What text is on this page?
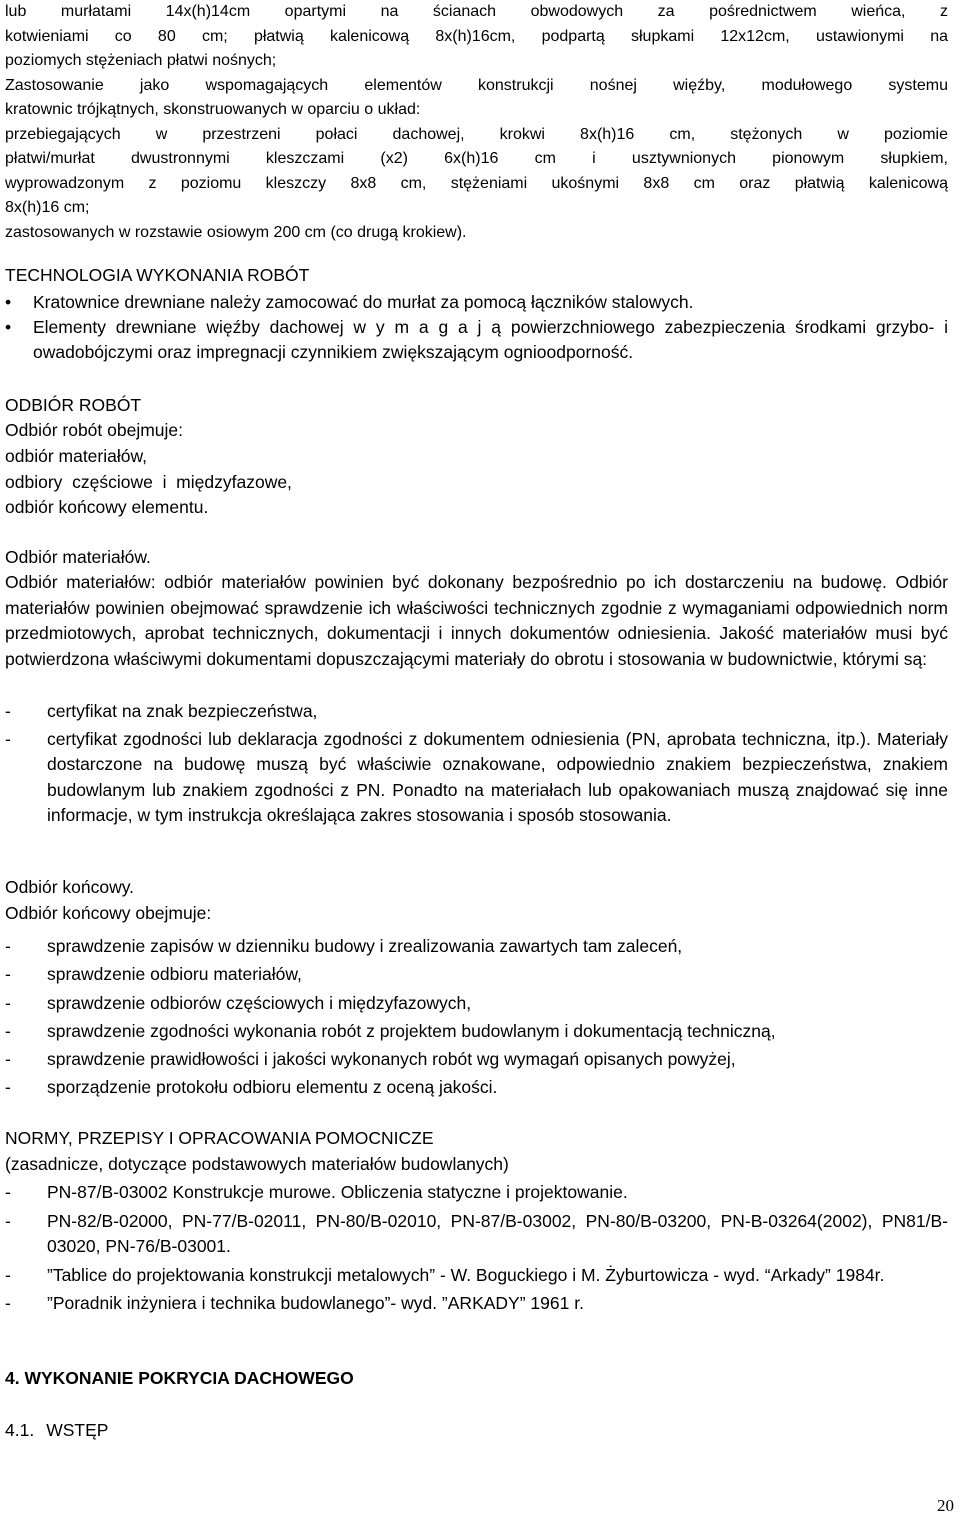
lub murłatami 14x(h)14cm opartymi na ścianach obwodowych za pośrednictwem wieńca, z
kotwieniami co 80 cm; płatwią kalenicową 8x(h)16cm, podpartą słupkami 12x12cm, ustawionymi na
poziomych stężeniach płatwi nośnych;
Zastosowanie jako wspomagających elementów konstrukcji nośnej więźby, modułowego systemu
kratownic trójkątnych, skonstruowanych w oparciu o układ:
przebiegających w przestrzeni połaci dachowej, krokwi 8x(h)16 cm, stężonych w poziomie
płatwi/murłat dwustronnymi kleszczami (x2) 6x(h)16 cm i usztywnionych pionowym słupkiem,
wyprowadzonym z poziomu kleszczy 8x8 cm, stężeniami ukośnymi 8x8 cm oraz płatwią kalenicową
8x(h)16 cm;
zastosowanych w rozstawie osiowym 200 cm (co drugą krokiew).
TECHNOLOGIA WYKONANIA ROBÓT
• Kratownice drewniane należy zamocować do murłat za pomocą łączników stalowych.
• Elementy drewniane więźby dachowej w y m a g a j ą powierzchniowego zabezpieczenia środkami grzybo- i owadobójczymi oraz impregnacji czynnikiem zwiększającym ognioodporność.
ODBIÓR ROBÓT
Odbiór robót obejmuje:
odbiór materiałów,
odbiory  częściowe  i  międzyfazowe,
odbiór końcowy elementu.
Odbiór materiałów.
Odbiór materiałów: odbiór materiałów powinien być dokonany bezpośrednio po ich dostarczeniu na budowę. Odbiór materiałów powinien obejmować sprawdzenie ich właściwości technicznych zgodnie z wymaganiami odpowiednich norm przedmiotowych, aprobat technicznych, dokumentacji i innych dokumentów odniesienia. Jakość materiałów musi być potwierdzona właściwymi dokumentami dopuszczającymi materiały do obrotu i stosowania w budownictwie, którymi są:
- certyfikat na znak bezpieczeństwa,
- certyfikat zgodności lub deklaracja zgodności z dokumentem odniesienia (PN, aprobata techniczna, itp.). Materiały dostarczone na budowę muszą być właściwie oznakowane, odpowiednio znakiem bezpieczeństwa, znakiem budowlanym lub znakiem zgodności z PN. Ponadto na materiałach lub opakowaniach muszą znajdować się inne informacje, w tym instrukcja określająca zakres stosowania i sposób stosowania.
Odbiór końcowy.
Odbiór końcowy obejmuje:
- sprawdzenie zapisów w dzienniku budowy i zrealizowania zawartych tam zaleceń,
- sprawdzenie odbioru materiałów,
- sprawdzenie odbiorów częściowych i międzyfazowych,
- sprawdzenie zgodności wykonania robót z projektem budowlanym i dokumentacją techniczną,
- sprawdzenie prawidłowości i jakości wykonanych robót wg wymagań opisanych powyżej,
- sporządzenie protokołu odbioru elementu z oceną jakości.
NORMY, PRZEPISY I OPRACOWANIA POMOCNICZE
(zasadnicze, dotyczące podstawowych materiałów budowlanych)
- PN-87/B-03002 Konstrukcje murowe. Obliczenia statyczne i projektowanie.
- PN-82/B-02000, PN-77/B-02011, PN-80/B-02010, PN-87/B-03002, PN-80/B-03200, PN-B-03264(2002), PN81/B-03020, PN-76/B-03001.
- ”Tablice do projektowania konstrukcji metalowych” - W. Boguckiego i M. Żyburtowicza - wyd. “Arkady” 1984r.
- ”Poradnik inżyniera i technika budowlanego”- wyd. ”ARKADY” 1961 r.
4. WYKONANIE POKRYCIA DACHOWEGO
4.1. WSTĘP
20
